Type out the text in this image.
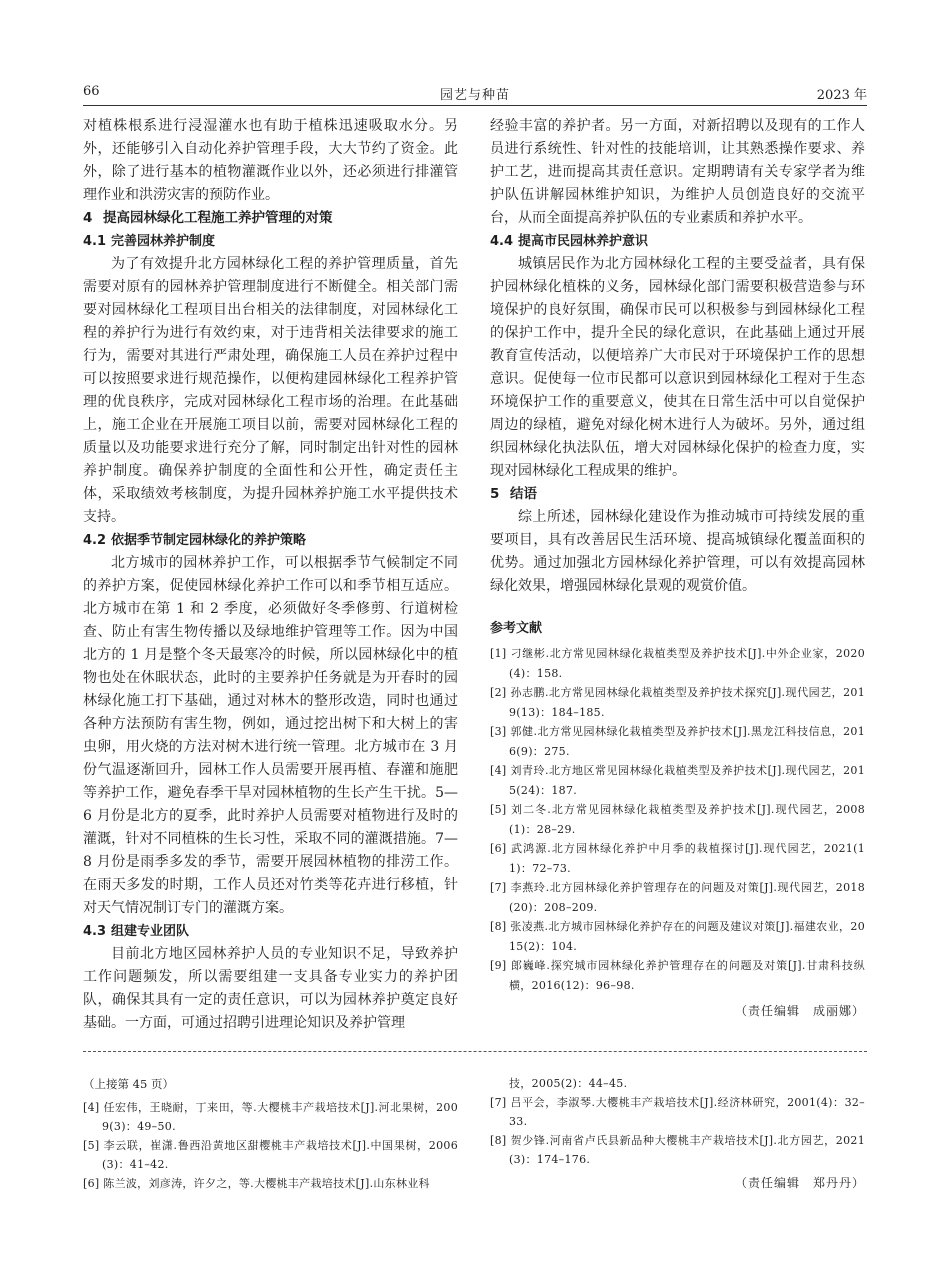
66	园艺与种苗	2023 年

对植株根系进行浸湿灌水也有助于植株迅速吸取水分。另外，还能够引入自动化养护管理手段，大大节约了资金。此外，除了进行基本的植物灌溉作业以外，还必须进行排灌管理作业和洪涝灾害的预防作业。

4 提高园林绿化工程施工养护管理的对策
4.1 完善园林养护制度

为了有效提升北方园林绿化工程的养护管理质量，首先需要对原有的园林养护管理制度进行不断健全。相关部门需要对园林绿化工程项目出台相关的法律制度，对园林绿化工程的养护行为进行有效约束，对于违背相关法律要求的施工行为，需要对其进行严肃处理，确保施工人员在养护过程中可以按照要求进行规范操作，以便构建园林绿化工程养护管理的优良秩序，完成对园林绿化工程市场的治理。在此基础上，施工企业在开展施工项目以前，需要对园林绿化工程的质量以及功能要求进行充分了解，同时制定出针对性的园林养护制度。确保养护制度的全面性和公开性，确定责任主体，采取绩效考核制度，为提升园林养护施工水平提供技术支持。

4.2 依据季节制定园林绿化的养护策略

北方城市的园林养护工作，可以根据季节气候制定不同的养护方案，促使园林绿化养护工作可以和季节相互适应。北方城市在第 1 和 2 季度，必须做好冬季修剪、行道树检查、防止有害生物传播以及绿地维护管理等工作。因为中国北方的 1 月是整个冬天最寒冷的时候，所以园林绿化中的植物也处在休眠状态，此时的主要养护任务就是为开春时的园林绿化施工打下基础，通过对林木的整形改造，同时也通过各种方法预防有害生物，例如，通过挖出树下和大树上的害虫卵，用火烧的方法对树木进行统一管理。北方城市在 3 月份气温逐渐回升，园林工作人员需要开展再植、春灌和施肥等养护工作，避免春季干旱对园林植物的生长产生干扰。5—6 月份是北方的夏季，此时养护人员需要对植物进行及时的灌溉，针对不同植株的生长习性，采取不同的灌溉措施。7—8 月份是雨季多发的季节，需要开展园林植物的排涝工作。在雨天多发的时期，工作人员还对竹类等花卉进行移植，针对天气情况制订专门的灌溉方案。

4.3 组建专业团队

目前北方地区园林养护人员的专业知识不足，导致养护工作问题频发，所以需要组建一支具备专业实力的养护团队，确保其具有一定的责任意识，可以为园林养护奠定良好基础。一方面，可通过招聘引进理论知识及养护管理

经验丰富的养护者。另一方面，对新招聘以及现有的工作人员进行系统性、针对性的技能培训，让其熟悉操作要求、养护工艺，进而提高其责任意识。定期聘请有关专家学者为维护队伍讲解园林维护知识，为维护人员创造良好的交流平台，从而全面提高养护队伍的专业素质和养护水平。

4.4 提高市民园林养护意识

城镇居民作为北方园林绿化工程的主要受益者，具有保护园林绿化植株的义务，园林绿化部门需要积极营造参与环境保护的良好氛围，确保市民可以积极参与到园林绿化工程的保护工作中，提升全民的绿化意识，在此基础上通过开展教育宣传活动，以便培养广大市民对于环境保护工作的思想意识。促使每一位市民都可以意识到园林绿化工程对于生态环境保护工作的重要意义，使其在日常生活中可以自觉保护周边的绿植，避免对绿化树木进行人为破坏。另外，通过组织园林绿化执法队伍，增大对园林绿化保护的检查力度，实现对园林绿化工程成果的维护。

5 结语

综上所述，园林绿化建设作为推动城市可持续发展的重要项目，具有改善居民生活环境、提高城镇绿化覆盖面积的优势。通过加强北方园林绿化养护管理，可以有效提高园林绿化效果，增强园林绿化景观的观赏价值。

参考文献
[1] 刁继彬.北方常见园林绿化栽植类型及养护技术[J].中外企业家，2020(4)：158.
[2] 孙志鹏.北方常见园林绿化栽植类型及养护技术探究[J].现代园艺，2019(13)：184–185.
[3] 郭健.北方常见园林绿化栽植类型及养护技术[J].黑龙江科技信息，2016(9)：275.
[4] 刘青玲.北方地区常见园林绿化栽植类型及养护技术[J].现代园艺，2015(24)：187.
[5] 刘二冬.北方常见园林绿化栽植类型及养护技术[J].现代园艺，2008(1)：28–29.
[6] 武鸿源.北方园林绿化养护中月季的栽植探讨[J].现代园艺，2021(11)：72–73.
[7] 李燕玲.北方园林绿化养护管理存在的问题及对策[J].现代园艺，2018(20)：208–209.
[8] 张凌燕.北方城市园林绿化养护存在的问题及建议对策[J].福建农业，2015(2)：104.
[9] 郎巍峰.探究城市园林绿化养护管理存在的问题及对策[J].甘肃科技纵横，2016(12)：96–98.
（责任编辑　成丽娜）
（上接第 45 页）
[4] 任宏伟，王晓耐，丁来田，等.大樱桃丰产栽培技术[J].河北果树，2009(3)：49–50.
[5] 李云联，崔潇.鲁西沿黄地区甜樱桃丰产栽培技术[J].中国果树，2006(3)：41–42.
[6] 陈兰波，刘彦涛，许夕之，等.大樱桃丰产栽培技术[J].山东林业科
技，2005(2)：44–45.
[7] 吕平会，李淑琴.大樱桃丰产栽培技术[J].经济林研究，2001(4)：32–33.
[8] 贺少锋.河南省卢氏县新品种大樱桃丰产栽培技术[J].北方园艺，2021(3)：174–176.
（责任编辑　郑丹丹）
